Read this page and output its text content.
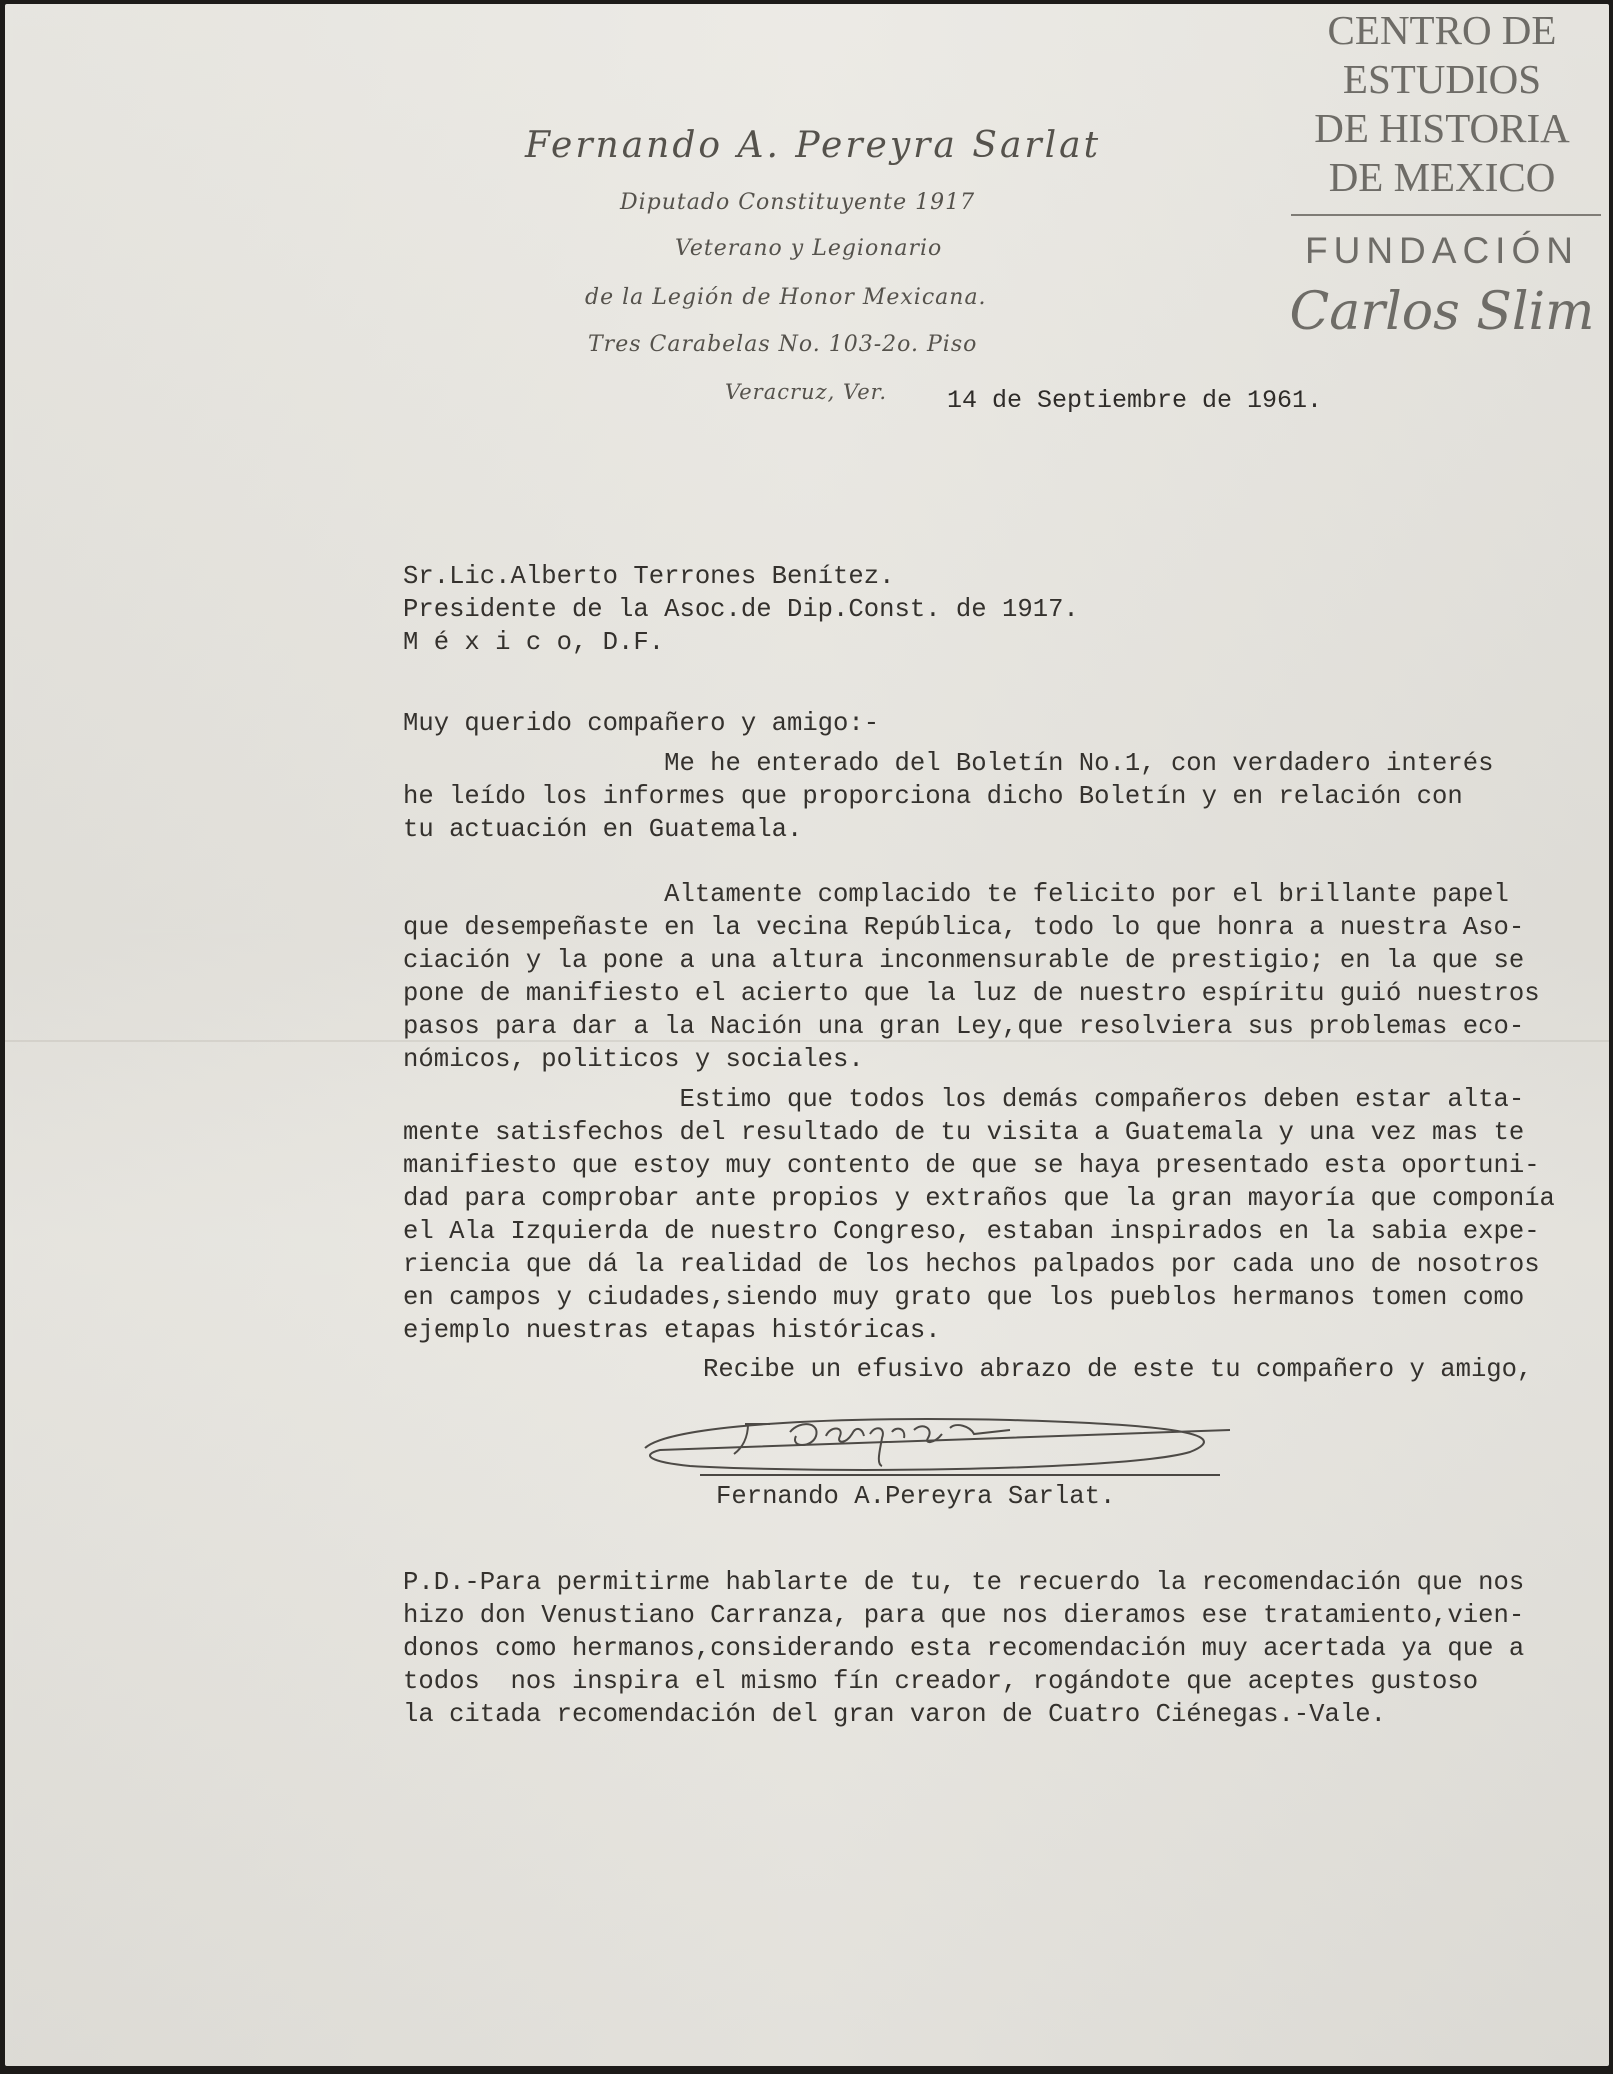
Fernando A. Pereyra Sarlat
Diputado Constituyente 1917
Veterano y Legionario
de la Legión de Honor Mexicana.
Tres Carabelas No. 103-2o. Piso
Veracruz, Ver. 14 de Septiembre de 1961.
CENTRO DE
ESTUDIOS
DE HISTORIA
DE MEXICO
FUNDACIÓN
Carlos Slim
Sr.Lic.Alberto Terrones Benítez.
Presidente de la Asoc.de Dip.Const. de 1917.
M é x i c o, D.F.
Muy querido compañero y amigo:-
Me he enterado del Boletín No.1, con verdadero interés
he leído los informes que proporciona dicho Boletín y en relación con
tu actuación en Guatemala.
Altamente complacido te felicito por el brillante papel
que desempeñaste en la vecina República, todo lo que honra a nuestra Aso-
ciación y la pone a una altura inconmensurable de prestigio; en la que se
pone de manifiesto el acierto que la luz de nuestro espíritu guió nuestros
pasos para dar a la Nación una gran Ley,que resolviera sus problemas eco-
nómicos, politicos y sociales.
Estimo que todos los demás compañeros deben estar alta-
mente satisfechos del resultado de tu visita a Guatemala y una vez mas te
manifiesto que estoy muy contento de que se haya presentado esta oportuni-
dad para comprobar ante propios y extraños que la gran mayoría que componía
el Ala Izquierda de nuestro Congreso, estaban inspirados en la sabia expe-
riencia que dá la realidad de los hechos palpados por cada uno de nosotros
en campos y ciudades,siendo muy grato que los pueblos hermanos tomen como
ejemplo nuestras etapas históricas.
Recibe un efusivo abrazo de este tu compañero y amigo,
Fernando A.Pereyra Sarlat.
P.D.-Para permitirme hablarte de tu, te recuerdo la recomendación que nos
hizo don Venustiano Carranza, para que nos dieramos ese tratamiento,vien-
donos como hermanos,considerando esta recomendación muy acertada ya que a
todos  nos inspira el mismo fín creador, rogándote que aceptes gustoso
la citada recomendación del gran varon de Cuatro Ciénegas.-Vale.
